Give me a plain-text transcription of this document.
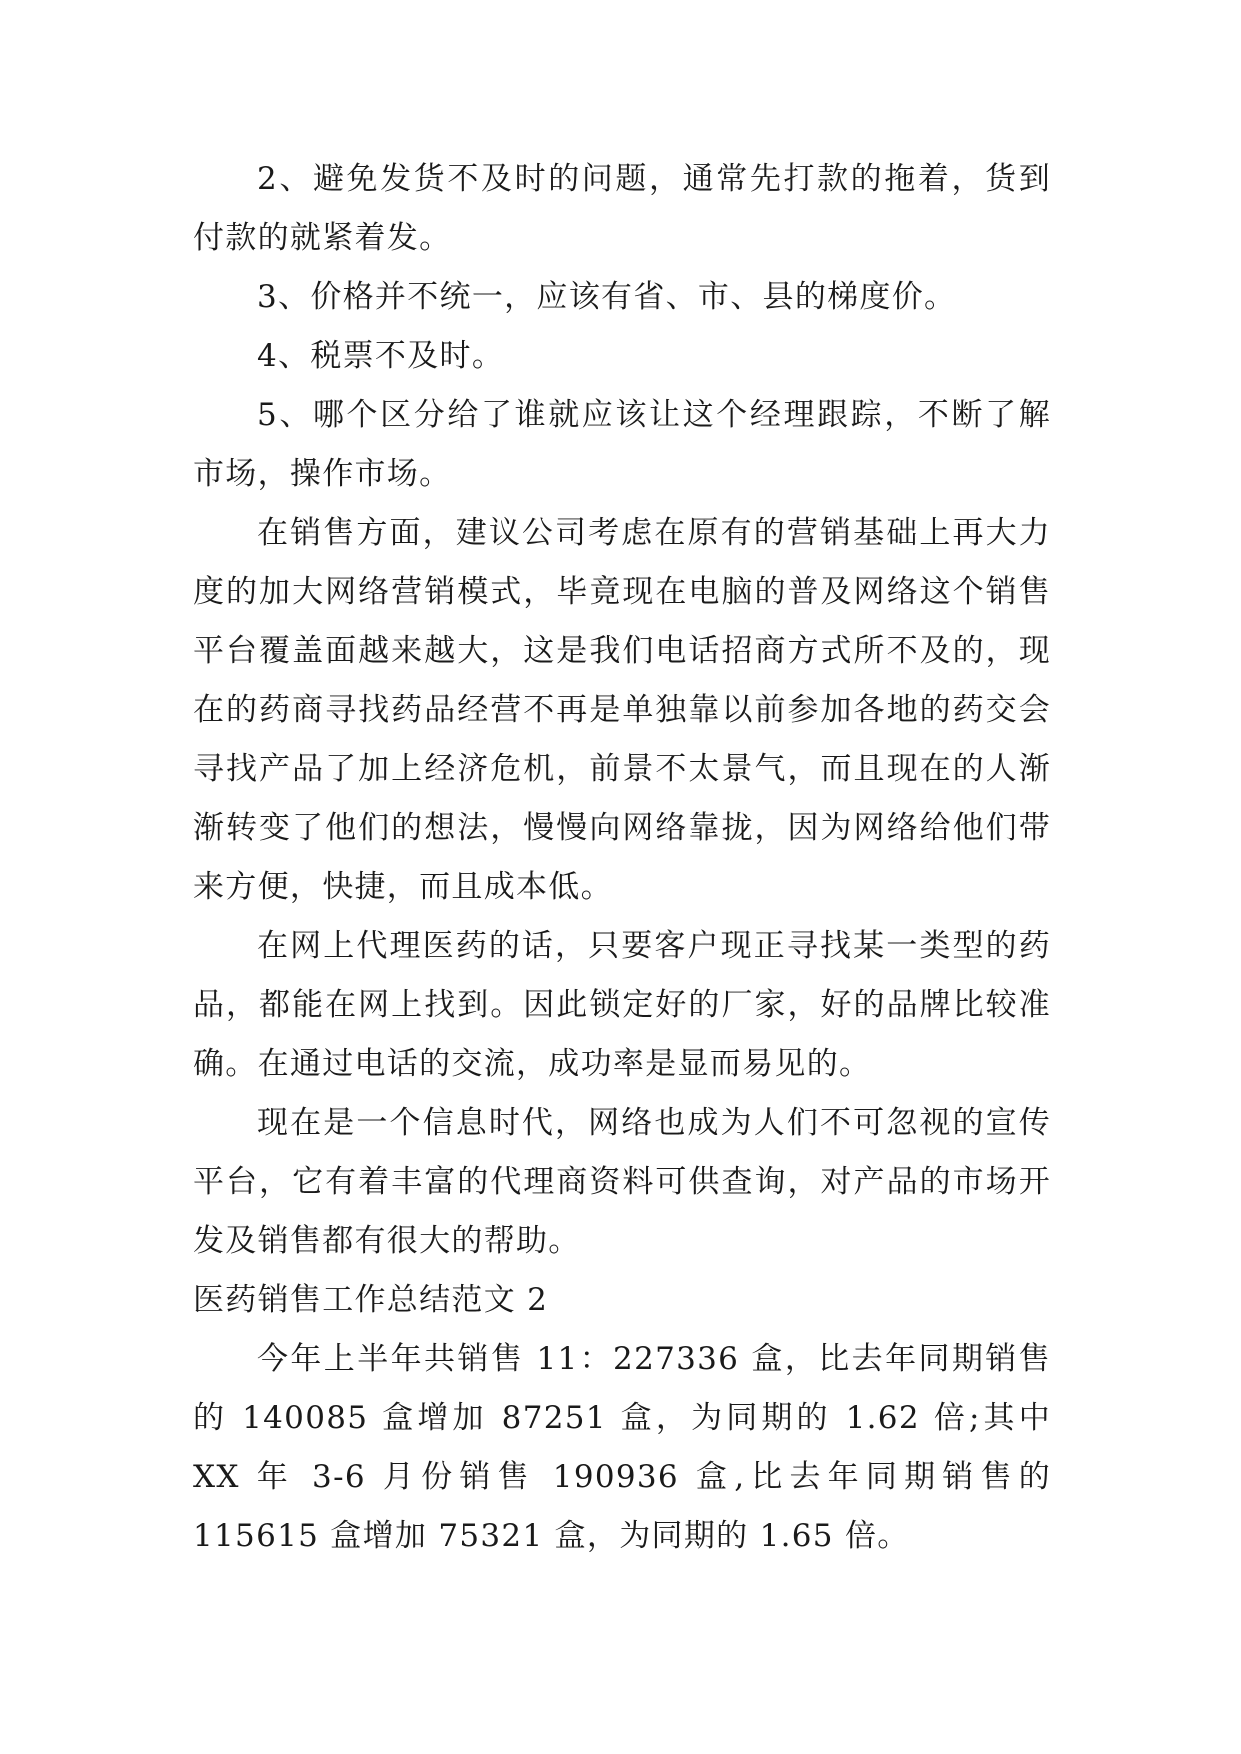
2、避免发货不及时的问题，通常先打款的拖着，货到付款的就紧着发。

3、价格并不统一，应该有省、市、县的梯度价。

4、税票不及时。

5、哪个区分给了谁就应该让这个经理跟踪，不断了解市场，操作市场。

在销售方面，建议公司考虑在原有的营销基础上再大力度的加大网络营销模式，毕竟现在电脑的普及网络这个销售平台覆盖面越来越大，这是我们电话招商方式所不及的，现在的药商寻找药品经营不再是单独靠以前参加各地的药交会寻找产品了加上经济危机，前景不太景气，而且现在的人渐渐转变了他们的想法，慢慢向网络靠拢，因为网络给他们带来方便，快捷，而且成本低。

在网上代理医药的话，只要客户现正寻找某一类型的药品，都能在网上找到。因此锁定好的厂家，好的品牌比较准确。在通过电话的交流，成功率是显而易见的。

现在是一个信息时代，网络也成为人们不可忽视的宣传平台，它有着丰富的代理商资料可供查询，对产品的市场开发及销售都有很大的帮助。

医药销售工作总结范文 2

今年上半年共销售 11：227336 盒，比去年同期销售的 140085 盒增加 87251 盒，为同期的 1.62 倍;其中 XX 年 3-6 月份销售 190936 盒,比去年同期销售的 115615 盒增加 75321 盒，为同期的 1.65 倍。
